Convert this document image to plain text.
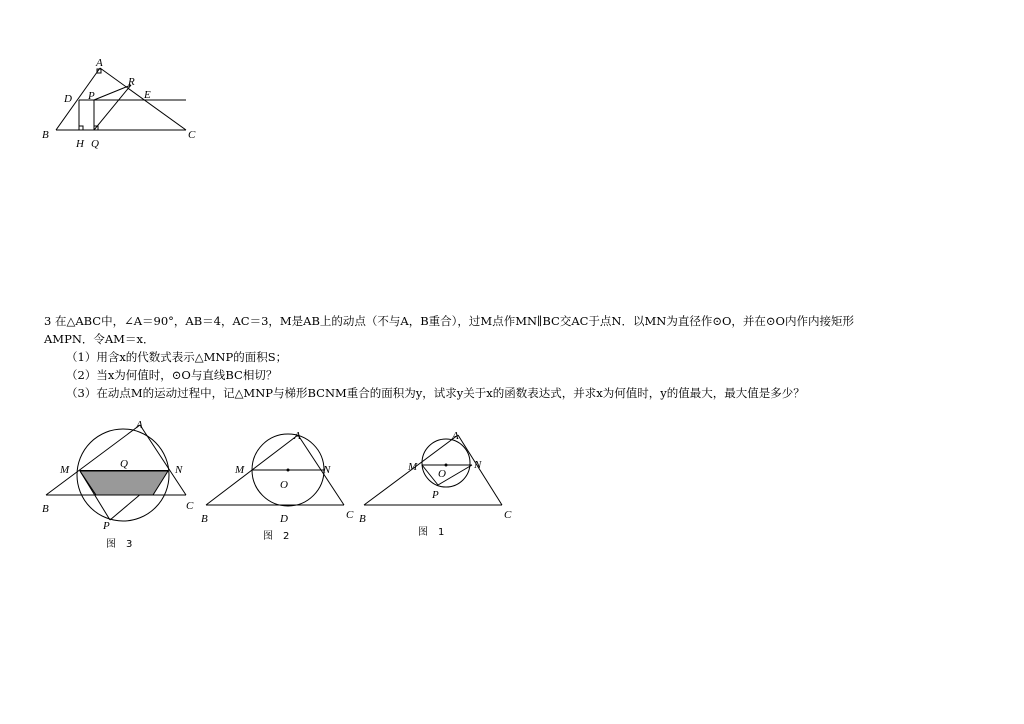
A
R
D P	E
B
H Q
C

3 在△ABC中，∠A＝90°，AB＝4，AC＝3，M是AB上的动点（不与A，B重合），过M点作MN∥BC交AC于点N．以MN为直径作⊙O，并在⊙O内作内接矩形

AMPN．令AM＝x．

（1）用含x的代数式表示△MNP的面积S；

（2）当x为何值时，⊙O与直线BC相切？

（3）在动点M的运动过程中，记△MNP与梯形BCNM重合的面积为y，试求y关于x的函数表达式，并求x为何值时，y的值最大，最大值是多少？

A
M	Q	N
B	C
P
图　3
A
M	N
O
B	D	C
图　2
A
M	N
O
P
B	C
图　1
